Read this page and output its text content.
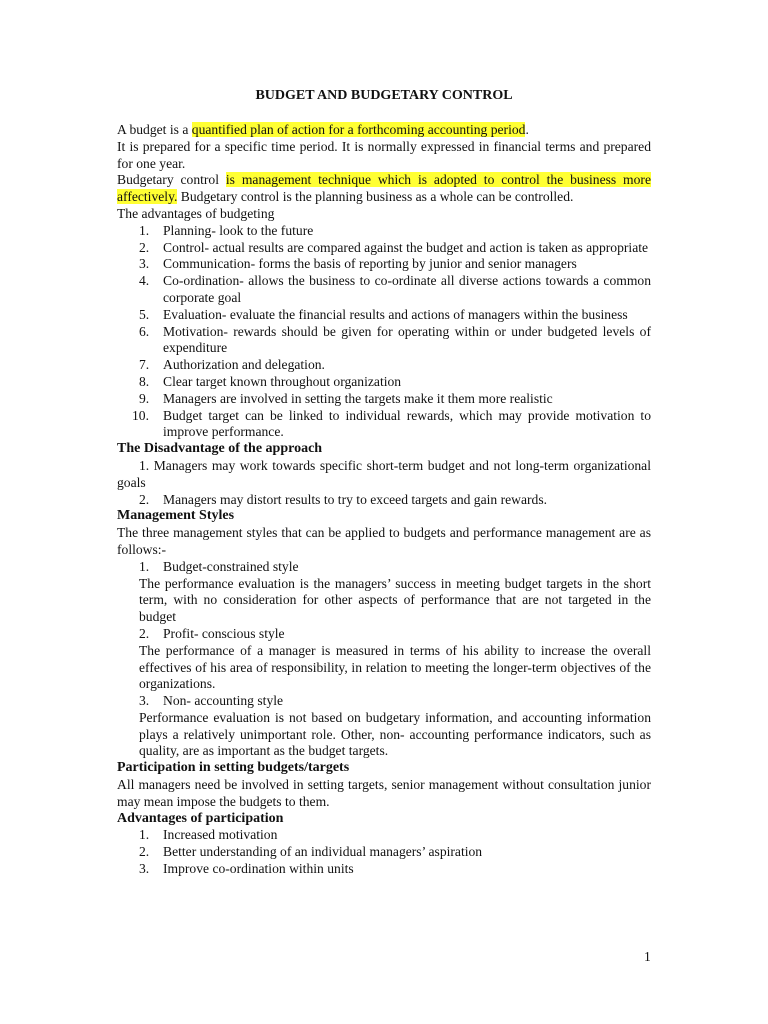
BUDGET AND BUDGETARY CONTROL

A budget is a quantified plan of action for a forthcoming accounting period.

It is prepared for a specific time period. It is normally expressed in financial terms and prepared for one year.

Budgetary control is management technique which is adopted to control the business more affectively. Budgetary control is the planning business as a whole can be controlled.

The advantages of budgeting

1. Planning- look to the future
2. Control- actual results are compared against the budget and action is taken as appropriate
3. Communication- forms the basis of reporting by junior and senior managers
4. Co-ordination- allows the business to co-ordinate all diverse actions towards a common corporate goal
5. Evaluation- evaluate the financial results and actions of managers within the business
6. Motivation- rewards should be given for operating within or under budgeted levels of expenditure
7. Authorization and delegation.
8. Clear target known throughout organization
9. Managers are involved in setting the targets make it them more realistic
10. Budget target can be linked to individual rewards, which may provide motivation to improve performance.

The Disadvantage of the approach

1. Managers may work towards specific short-term budget and not long-term organizational goals

2. Managers may distort results to try to exceed targets and gain rewards.

Management Styles

The three management styles that can be applied to budgets and performance management are as follows:-

1. Budget-constrained style

The performance evaluation is the managers’ success in meeting budget targets in the short term, with no consideration for other aspects of performance that are not targeted in the budget

2. Profit- conscious style

The performance of a manager is measured in terms of his ability to increase the overall effectives of his area of responsibility, in relation to meeting the longer-term objectives of the organizations.

3. Non- accounting style

Performance evaluation is not based on budgetary information, and accounting information plays a relatively unimportant role. Other, non- accounting performance indicators, such as quality, are as important as the budget targets.

Participation in setting budgets/targets

All managers need be involved in setting targets, senior management without consultation junior may mean impose the budgets to them.

Advantages of participation

1. Increased motivation
2. Better understanding of an individual managers’ aspiration
3. Improve co-ordination within units
1
